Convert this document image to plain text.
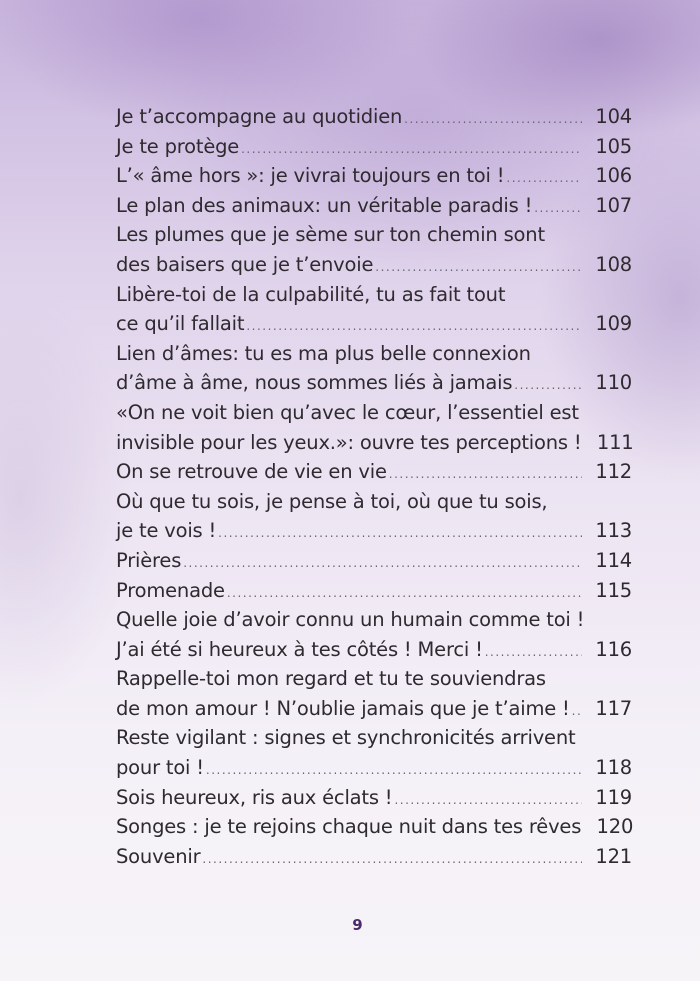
Je t’accompagne au quotidien .....	104
Je te protège .....	105
L’« âme hors »: je vivrai toujours en toi ! .....	106
Le plan des animaux: un véritable paradis ! .....	107
Les plumes que je sème sur ton chemin sont
des baisers que je t’envoie .....	108
Libère-toi de la culpabilité, tu as fait tout
ce qu’il fallait .....	109
Lien d’âmes: tu es ma plus belle connexion
d’âme à âme, nous sommes liés à jamais .....	110
«On ne voit bien qu’avec le cœur, l’essentiel est
invisible pour les yeux.»: ouvre tes perceptions ! 111
On se retrouve de vie en vie .....	112
Où que tu sois, je pense à toi, où que tu sois,
je te vois ! .....	113
Prières .....	114
Promenade .....	115
Quelle joie d’avoir connu un humain comme toi !
J’ai été si heureux à tes côtés ! Merci ! .....	116
Rappelle-toi mon regard et tu te souviendras
de mon amour ! N’oublie jamais que je t’aime ! ..... 117
Reste vigilant : signes et synchronicités arrivent
pour toi ! .....	118
Sois heureux, ris aux éclats ! .....	119
Songes : je te rejoins chaque nuit dans tes rêves 120
Souvenir .....	121
9
